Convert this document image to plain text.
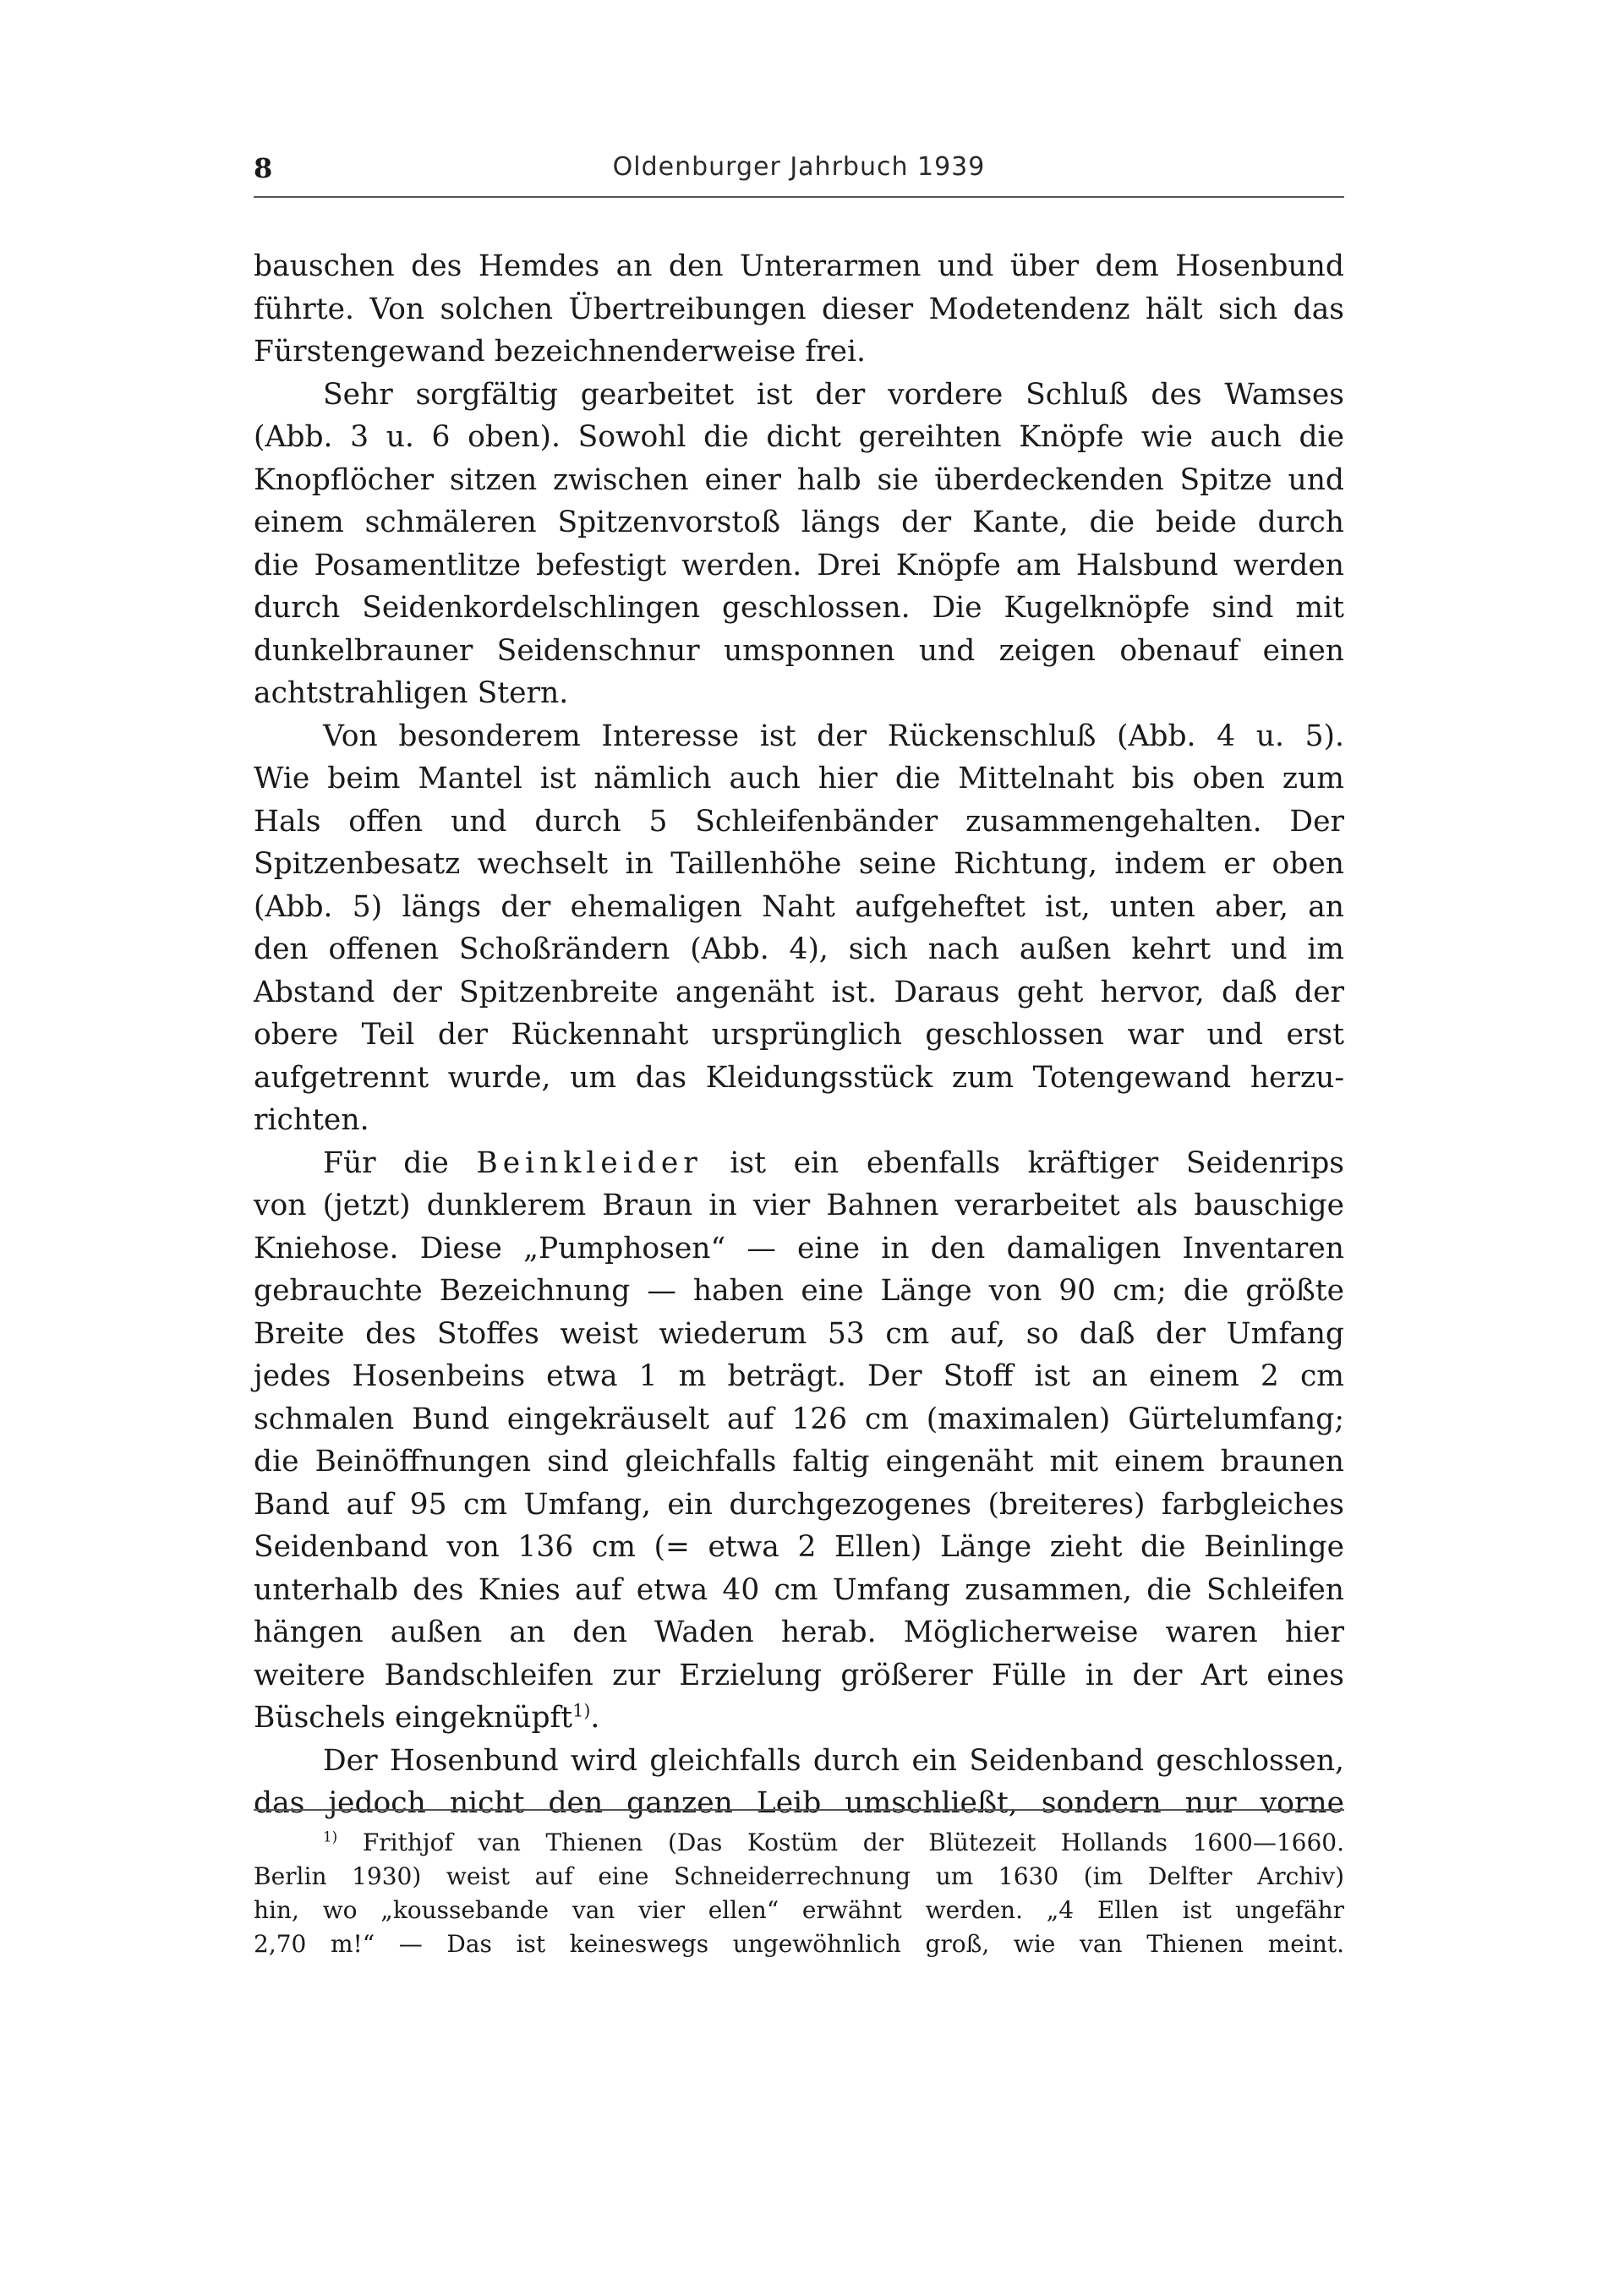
8	Oldenburger Jahrbuch 1939
bauschen des Hemdes an den Unterarmen und über dem Hosenbund
führte. Von solchen Übertreibungen dieser Modetendenz hält sich das
Fürstengewand bezeichnenderweise frei.
Sehr sorgfältig gearbeitet ist der vordere Schluß des Wamses
(Abb. 3 u. 6 oben). Sowohl die dicht gereihten Knöpfe wie auch die
Knopflöcher sitzen zwischen einer halb sie überdeckenden Spitze und
einem schmäleren Spitzenvorstoß längs der Kante, die beide durch
die Posamentlitze befestigt werden. Drei Knöpfe am Halsbund werden
durch Seidenkordelschlingen geschlossen. Die Kugelknöpfe sind mit
dunkelbrauner Seidenschnur umsponnen und zeigen obenauf einen
achtstrahligen Stern.
Von besonderem Interesse ist der Rückenschluß (Abb. 4 u. 5).
Wie beim Mantel ist nämlich auch hier die Mittelnaht bis oben zum
Hals offen und durch 5 Schleifenbänder zusammengehalten. Der
Spitzenbesatz wechselt in Taillenhöhe seine Richtung, indem er oben
(Abb. 5) längs der ehemaligen Naht aufgeheftet ist, unten aber, an
den offenen Schoßrändern (Abb. 4), sich nach außen kehrt und im
Abstand der Spitzenbreite angenäht ist. Daraus geht hervor, daß der
obere Teil der Rückennaht ursprünglich geschlossen war und erst
aufgetrennt wurde, um das Kleidungsstück zum Totengewand herzu-
richten.
Für die Beinkleider ist ein ebenfalls kräftiger Seidenrips
von (jetzt) dunklerem Braun in vier Bahnen verarbeitet als bauschige
Kniehose. Diese „Pumphosen“ — eine in den damaligen Inventaren
gebrauchte Bezeichnung — haben eine Länge von 90 cm; die größte
Breite des Stoffes weist wiederum 53 cm auf, so daß der Umfang
jedes Hosenbeins etwa 1 m beträgt. Der Stoff ist an einem 2 cm
schmalen Bund eingekräuselt auf 126 cm (maximalen) Gürtelumfang;
die Beinöffnungen sind gleichfalls faltig eingenäht mit einem braunen
Band auf 95 cm Umfang, ein durchgezogenes (breiteres) farbgleiches
Seidenband von 136 cm (= etwa 2 Ellen) Länge zieht die Beinlinge
unterhalb des Knies auf etwa 40 cm Umfang zusammen, die Schleifen
hängen außen an den Waden herab. Möglicherweise waren hier
weitere Bandschleifen zur Erzielung größerer Fülle in der Art eines
Büschels eingeknüpft$^{1)}$.
Der Hosenbund wird gleichfalls durch ein Seidenband geschlossen,
das jedoch nicht den ganzen Leib umschließt, sondern nur vorne
$^{1)}$ Frithjof van Thienen (Das Kostüm der Blütezeit Hollands 1600—1660.
Berlin 1930) weist auf eine Schneiderrechnung um 1630 (im Delfter Archiv)
hin, wo „koussebande van vier ellen“ erwähnt werden. „4 Ellen ist ungefähr
2,70 m!“ — Das ist keineswegs ungewöhnlich groß, wie van Thienen meint.
